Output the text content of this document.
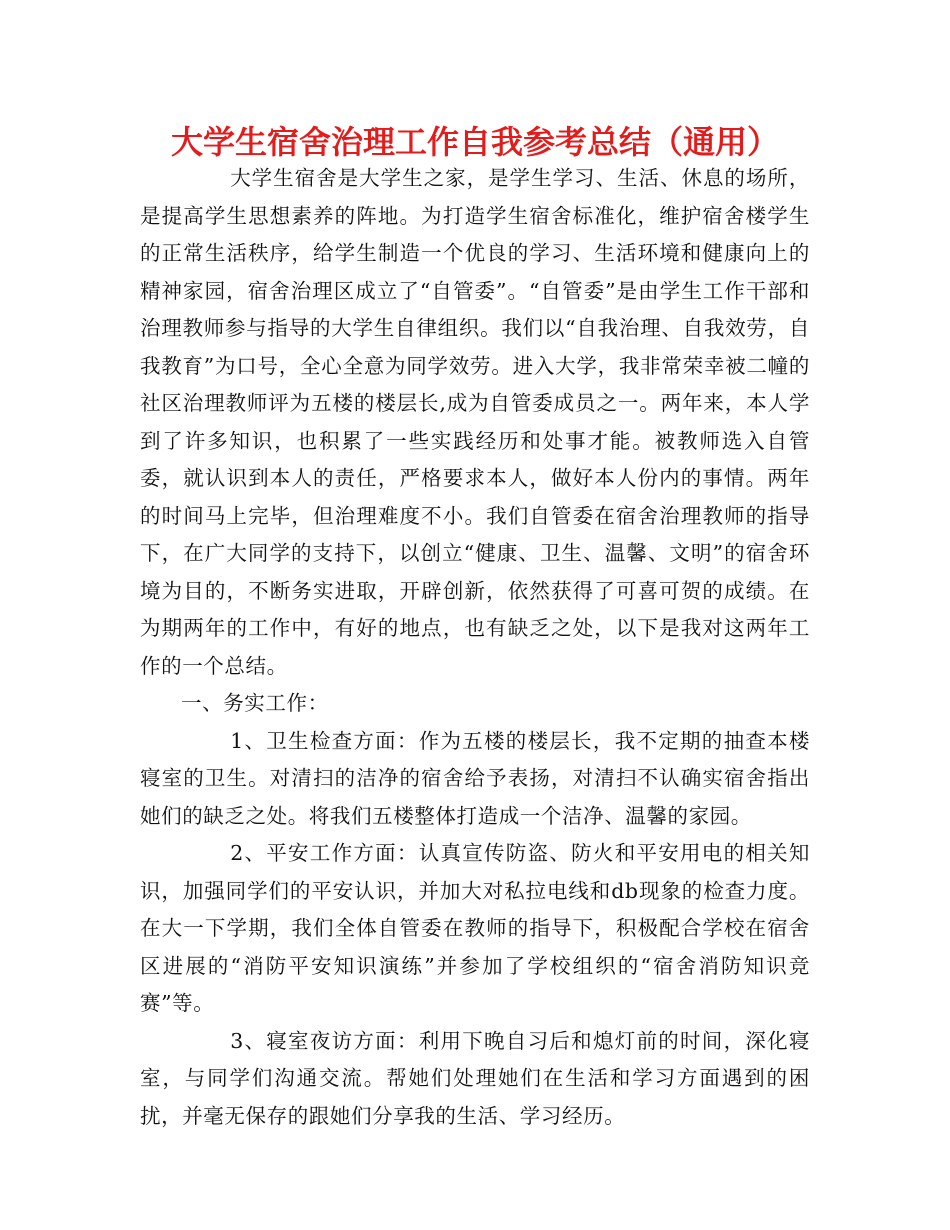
大学生宿舍治理工作自我参考总结（通用）

大学生宿舍是大学生之家，是学生学习、生活、休息的场所，是提高学生思想素养的阵地。为打造学生宿舍标准化，维护宿舍楼学生的正常生活秩序，给学生制造一个优良的学习、生活环境和健康向上的精神家园，宿舍治理区成立了“自管委”。“自管委”是由学生工作干部和治理教师参与指导的大学生自律组织。我们以“自我治理、自我效劳，自我教育”为口号，全心全意为同学效劳。进入大学，我非常荣幸被二幢的社区治理教师评为五楼的楼层长,成为自管委成员之一。两年来，本人学到了许多知识，也积累了一些实践经历和处事才能。被教师选入自管委，就认识到本人的责任，严格要求本人，做好本人份内的事情。两年的时间马上完毕，但治理难度不小。我们自管委在宿舍治理教师的指导下，在广大同学的支持下，以创立“健康、卫生、温馨、文明”的宿舍环境为目的，不断务实进取，开辟创新，依然获得了可喜可贺的成绩。在为期两年的工作中，有好的地点，也有缺乏之处，以下是我对这两年工作的一个总结。

一、务实工作：

1、卫生检查方面：作为五楼的楼层长，我不定期的抽查本楼寝室的卫生。对清扫的洁净的宿舍给予表扬，对清扫不认确实宿舍指出她们的缺乏之处。将我们五楼整体打造成一个洁净、温馨的家园。

2、平安工作方面：认真宣传防盗、防火和平安用电的相关知识，加强同学们的平安认识，并加大对私拉电线和db现象的检查力度。在大一下学期，我们全体自管委在教师的指导下，积极配合学校在宿舍区进展的“消防平安知识演练”并参加了学校组织的“宿舍消防知识竞赛”等。

3、寝室夜访方面：利用下晚自习后和熄灯前的时间，深化寝室，与同学们沟通交流。帮她们处理她们在生活和学习方面遇到的困扰，并毫无保存的跟她们分享我的生活、学习经历。
